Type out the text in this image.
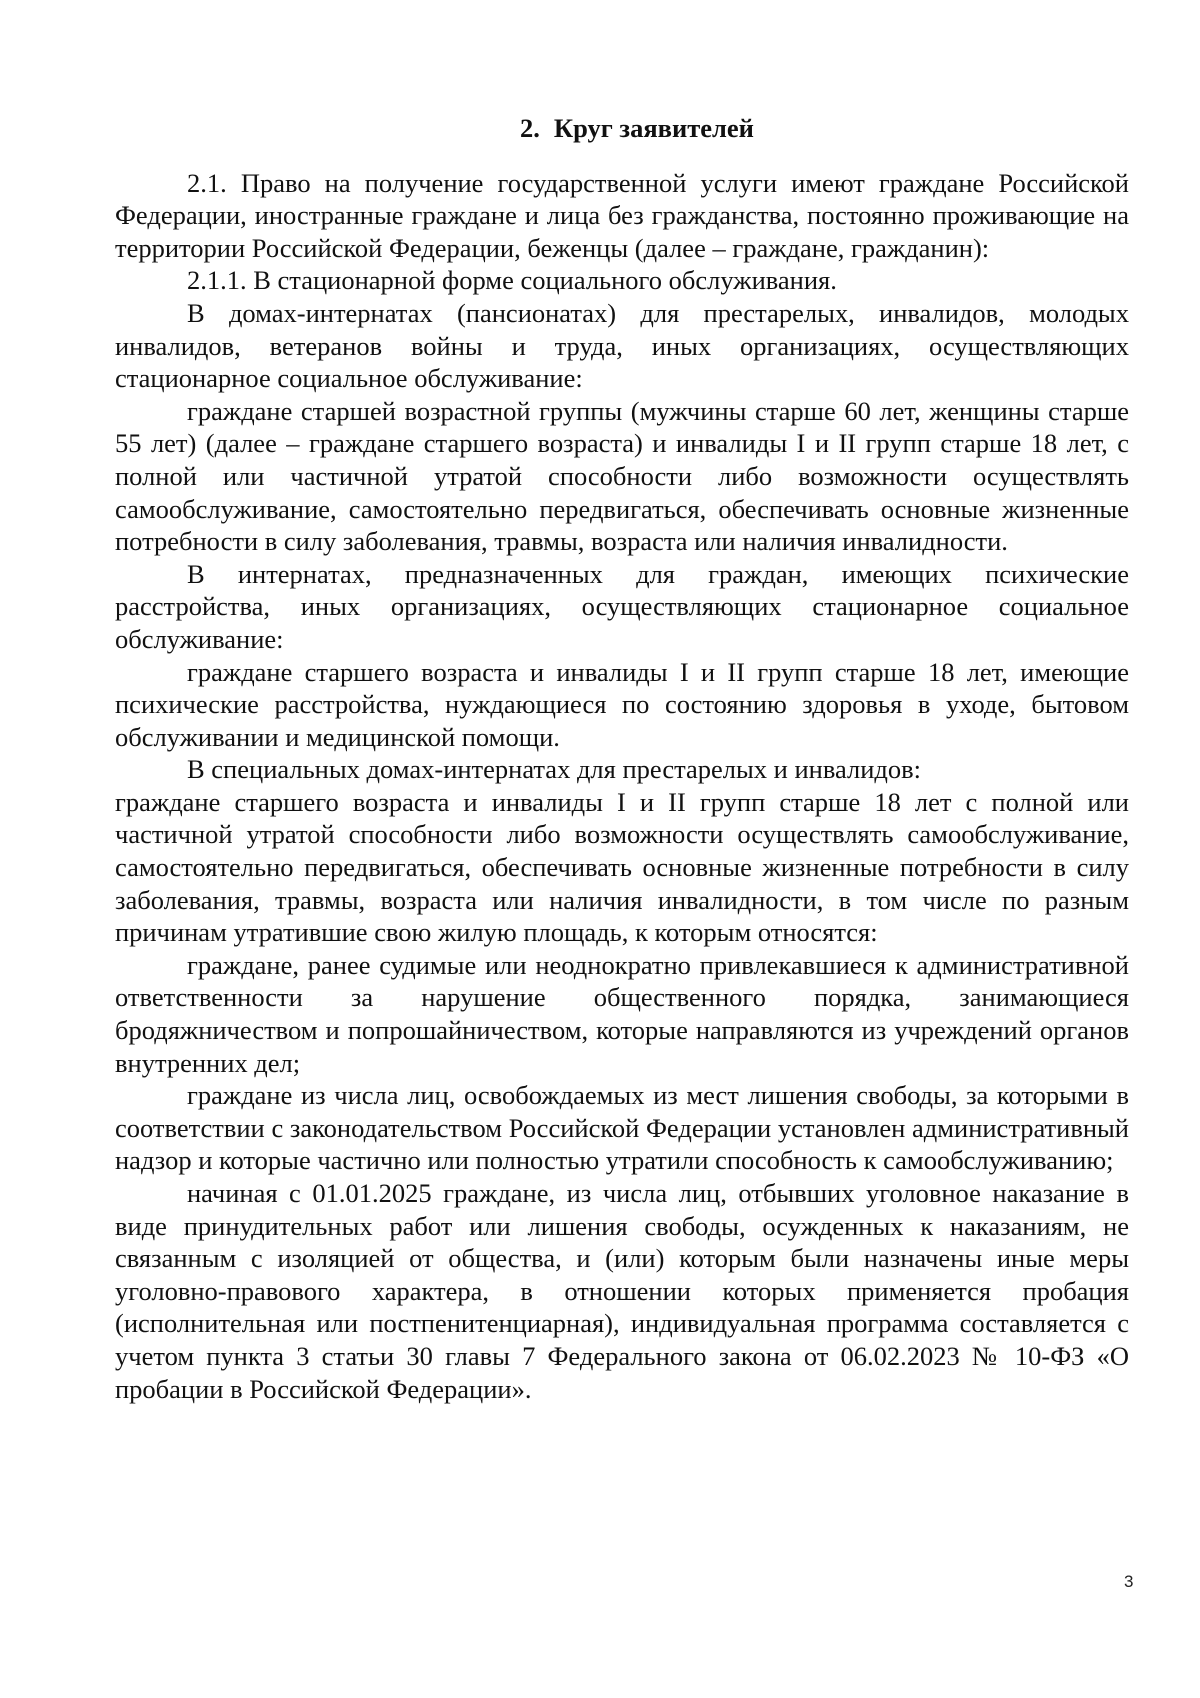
2. Круг заявителей

2.1. Право на получение государственной услуги имеют граждане Российской Федерации, иностранные граждане и лица без гражданства, постоянно проживающие на территории Российской Федерации, беженцы (далее – граждане, гражданин):

2.1.1. В стационарной форме социального обслуживания.

В домах-интернатах (пансионатах) для престарелых, инвалидов, молодых инвалидов, ветеранов войны и труда, иных организациях, осуществляющих стационарное социальное обслуживание:

граждане старшей возрастной группы (мужчины старше 60 лет, женщины старше 55 лет) (далее – граждане старшего возраста) и инвалиды I и II групп старше 18 лет, с полной или частичной утратой способности либо возможности осуществлять самообслуживание, самостоятельно передвигаться, обеспечивать основные жизненные потребности в силу заболевания, травмы, возраста или наличия инвалидности.

В интернатах, предназначенных для граждан, имеющих психические расстройства, иных организациях, осуществляющих стационарное социальное обслуживание:

граждане старшего возраста и инвалиды I и II групп старше 18 лет, имеющие психические расстройства, нуждающиеся по состоянию здоровья в уходе, бытовом обслуживании и медицинской помощи.

В специальных домах-интернатах для престарелых и инвалидов:

граждане старшего возраста и инвалиды I и II групп старше 18 лет с полной или частичной утратой способности либо возможности осуществлять самообслуживание, самостоятельно передвигаться, обеспечивать основные жизненные потребности в силу заболевания, травмы, возраста или наличия инвалидности, в том числе по разным причинам утратившие свою жилую площадь, к которым относятся:

граждане, ранее судимые или неоднократно привлекавшиеся к административной ответственности за нарушение общественного порядка, занимающиеся бродяжничеством и попрошайничеством, которые направляются из учреждений органов внутренних дел;

граждане из числа лиц, освобождаемых из мест лишения свободы, за которыми в соответствии с законодательством Российской Федерации установлен административный надзор и которые частично или полностью утратили способность к самообслуживанию;

начиная с 01.01.2025 граждане, из числа лиц, отбывших уголовное наказание в виде принудительных работ или лишения свободы, осужденных к наказаниям, не связанным с изоляцией от общества, и (или) которым были назначены иные меры уголовно-правового характера, в отношении которых применяется пробация (исполнительная или постпенитенциарная), индивидуальная программа составляется с учетом пункта 3 статьи 30 главы 7 Федерального закона от 06.02.2023 № 10-ФЗ «О пробации в Российской Федерации».

3
